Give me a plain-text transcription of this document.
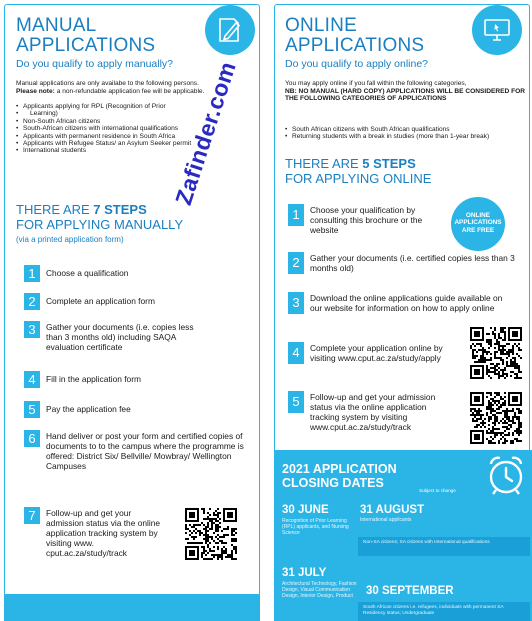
MANUAL
APPLICATIONS
Do you qualify to apply manually?
Manual applications are only availabe to the following persons.
Please note: a non-refundable application fee will be applicable.
• Applicants applying for RPL (Recognition of Prior
• Learning)
• Non-South African citizens
• South-African citizens with international qualifications
• Applicants with permanent residence in South Africa
• Applicants with Refugee Status/ an Asylum Seeker permit
• International students
THERE ARE 7 STEPS
FOR APPLYING MANUALLY
(via a printed application form)
1	Choose a qualification
2	Complete an application form
3	Gather your documents (i.e. copies less than 3 months old) including SAQA evaluation certificate
4	Fill in the application form
5	Pay the application fee
6	Hand deliver or post your form and certified copies of documents to to the campus where the programme is offered: District Six/ Bellville/ Mowbray/ Wellington Campuses
7	Follow-up and get your admission status via the online application tracking system by visiting www. cput.ac.za/study/track
Zafinder.com
ONLINE
APPLICATIONS
Do you qualify to apply online?
You may apply online if you fall within the following categories,
NB: NO MANUAL (HARD COPY) APPLICATIONS WILL BE CONSIDERED FOR THE FOLLOWING CATEGORIES OF APPLICATIONS
• South African citizens with South African qualifications
• Returning students with a break in studies (more than 1-year break)
THERE ARE 5 STEPS
FOR APPLYING ONLINE
ONLINE
APPLICATIONS
ARE FREE
1	Choose your qualification by consulting this brochure or the website
2	Gather your documents (i.e. certified copies less than 3 months old)
3	Download the online applications guide available on our website for information on how to apply online
4	Complete your application online by visiting www.cput.ac.za/study/apply
5	Follow-up and get your admission status via the online application tracking system by visiting www.cput.ac.za/study/track
2021 APPLICATION
CLOSING DATES
Subject to change
30 JUNE
Recognition of Prior Learning (RPL) applicants, and Nursing Science
31 AUGUST
International applicants
Non-SA citizens; SA citizens with International qualifications
31 JULY
Architectural Technology, Fashion Design, Visual Communication Design, Interior Design, Product	30 SEPTEMBER
South African citizens i.e. refugees, individuals with permanent SA Residency status; Undergraduate
